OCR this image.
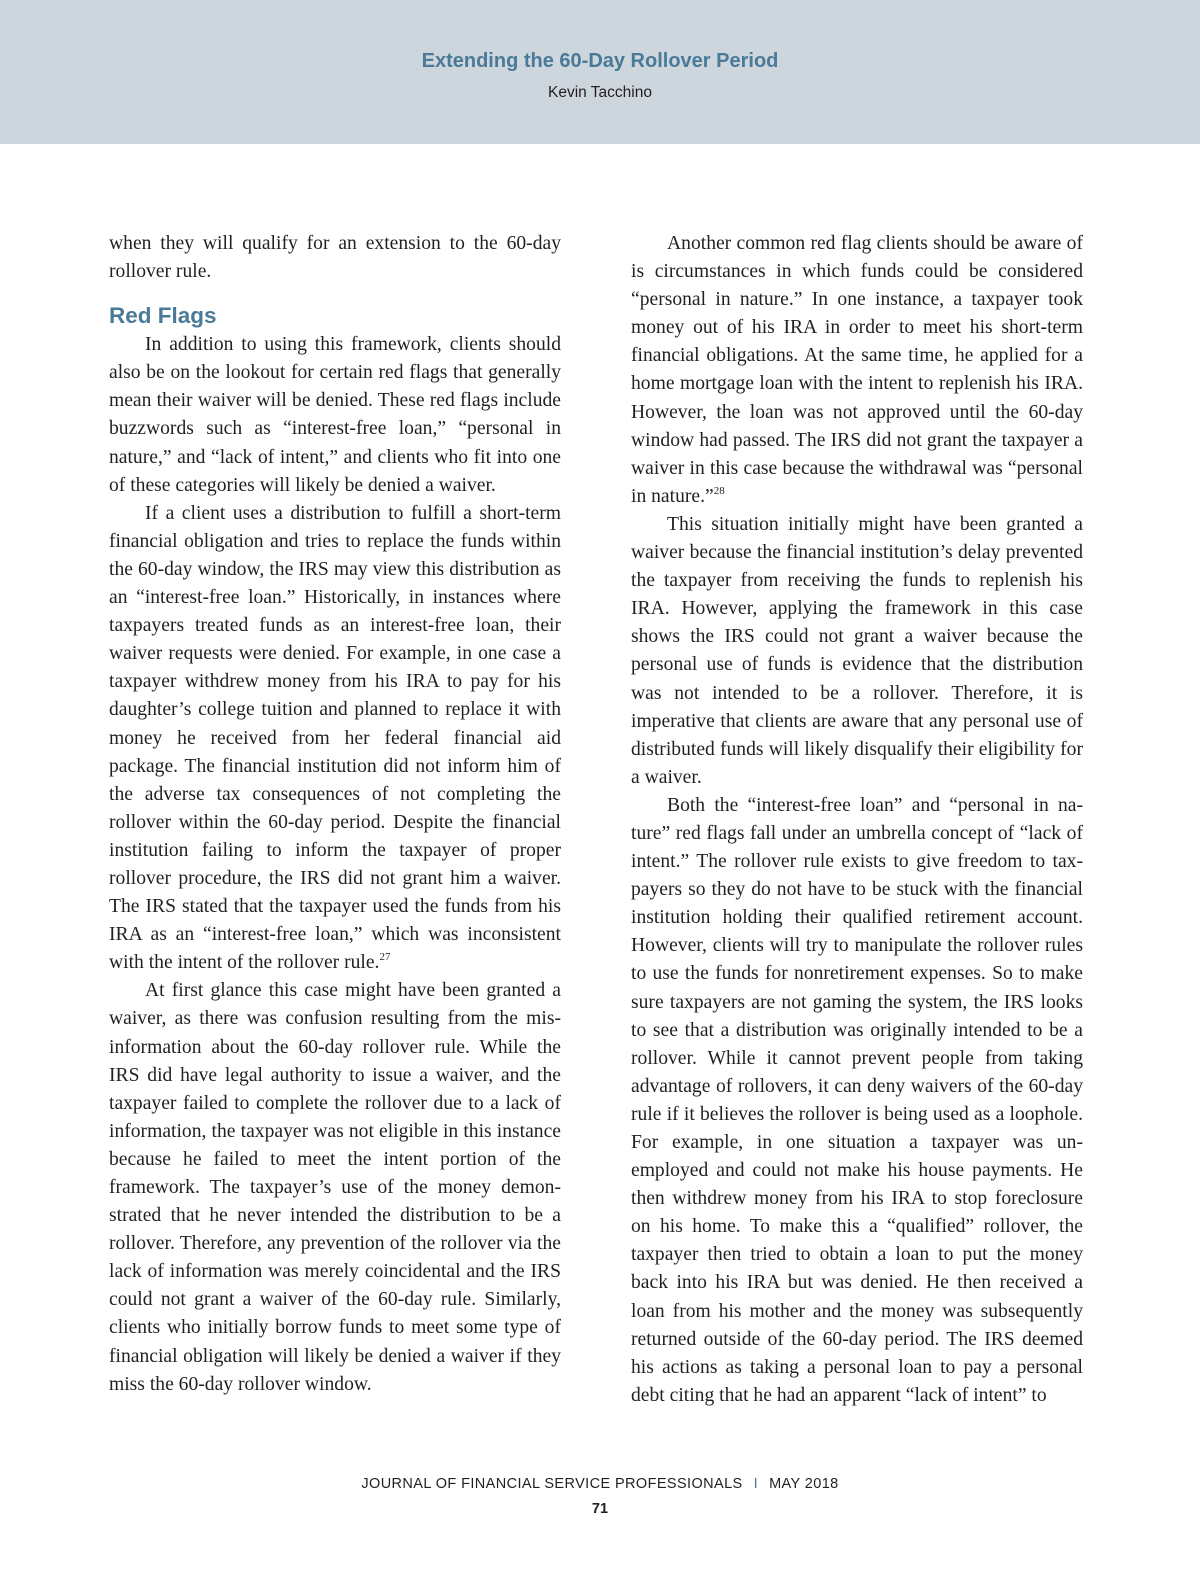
Extending the 60-Day Rollover Period
Kevin Tacchino

when they will qualify for an extension to the 60-day rollover rule.

Red Flags

In addition to using this framework, clients should also be on the lookout for certain red flags that generally mean their waiver will be denied. These red flags include buzzwords such as “interest-free loan,” “personal in nature,” and “lack of intent,” and clients who fit into one of these categories will likely be denied a waiver.

If a client uses a distribution to fulfill a short-term financial obligation and tries to replace the funds within the 60-day window, the IRS may view this distribution as an “interest-free loan.” Historically, in instances where taxpayers treated funds as an interest-free loan, their waiver requests were denied. For example, in one case a taxpayer withdrew money from his IRA to pay for his daughter’s college tuition and planned to replace it with money he received from her federal financial aid package. The financial institution did not inform him of the adverse tax consequences of not completing the rollover within the 60-day period. Despite the financial institution failing to inform the taxpayer of proper rollover procedure, the IRS did not grant him a waiver. The IRS stated that the taxpayer used the funds from his IRA as an “interest-free loan,” which was inconsistent with the intent of the rollover rule.$^{27}$

At first glance this case might have been granted a waiver, as there was confusion resulting from the misinformation about the 60-day rollover rule. While the IRS did have legal authority to issue a waiver, and the taxpayer failed to complete the rollover due to a lack of information, the taxpayer was not eligible in this instance because he failed to meet the intent portion of the framework. The taxpayer’s use of the money demonstrated that he never intended the distribution to be a rollover. Therefore, any prevention of the rollover via the lack of information was merely coincidental and the IRS could not grant a waiver of the 60-day rule. Similarly, clients who initially borrow funds to meet some type of financial obligation will likely be denied a waiver if they miss the 60-day rollover window.

Another common red flag clients should be aware of is circumstances in which funds could be considered “personal in nature.” In one instance, a taxpayer took money out of his IRA in order to meet his short-term financial obligations. At the same time, he applied for a home mortgage loan with the intent to replenish his IRA. However, the loan was not approved until the 60-day window had passed. The IRS did not grant the taxpayer a waiver in this case because the withdrawal was “personal in nature.”$^{28}$

This situation initially might have been granted a waiver because the financial institution’s delay prevented the taxpayer from receiving the funds to replenish his IRA. However, applying the framework in this case shows the IRS could not grant a waiver because the personal use of funds is evidence that the distribution was not intended to be a rollover. Therefore, it is imperative that clients are aware that any personal use of distributed funds will likely disqualify their eligibility for a waiver.

Both the “interest-free loan” and “personal in nature” red flags fall under an umbrella concept of “lack of intent.” The rollover rule exists to give freedom to taxpayers so they do not have to be stuck with the financial institution holding their qualified retirement account. However, clients will try to manipulate the rollover rules to use the funds for nonretirement expenses. So to make sure taxpayers are not gaming the system, the IRS looks to see that a distribution was originally intended to be a rollover. While it cannot prevent people from taking advantage of rollovers, it can deny waivers of the 60-day rule if it believes the rollover is being used as a loophole. For example, in one situation a taxpayer was unemployed and could not make his house payments. He then withdrew money from his IRA to stop foreclosure on his home. To make this a “qualified” rollover, the taxpayer then tried to obtain a loan to put the money back into his IRA but was denied. He then received a loan from his mother and the money was subsequently returned outside of the 60-day period. The IRS deemed his actions as taking a personal loan to pay a personal debt citing that he had an apparent “lack of intent” to

JOURNAL OF FINANCIAL SERVICE PROFESSIONALS I MAY 2018
71
